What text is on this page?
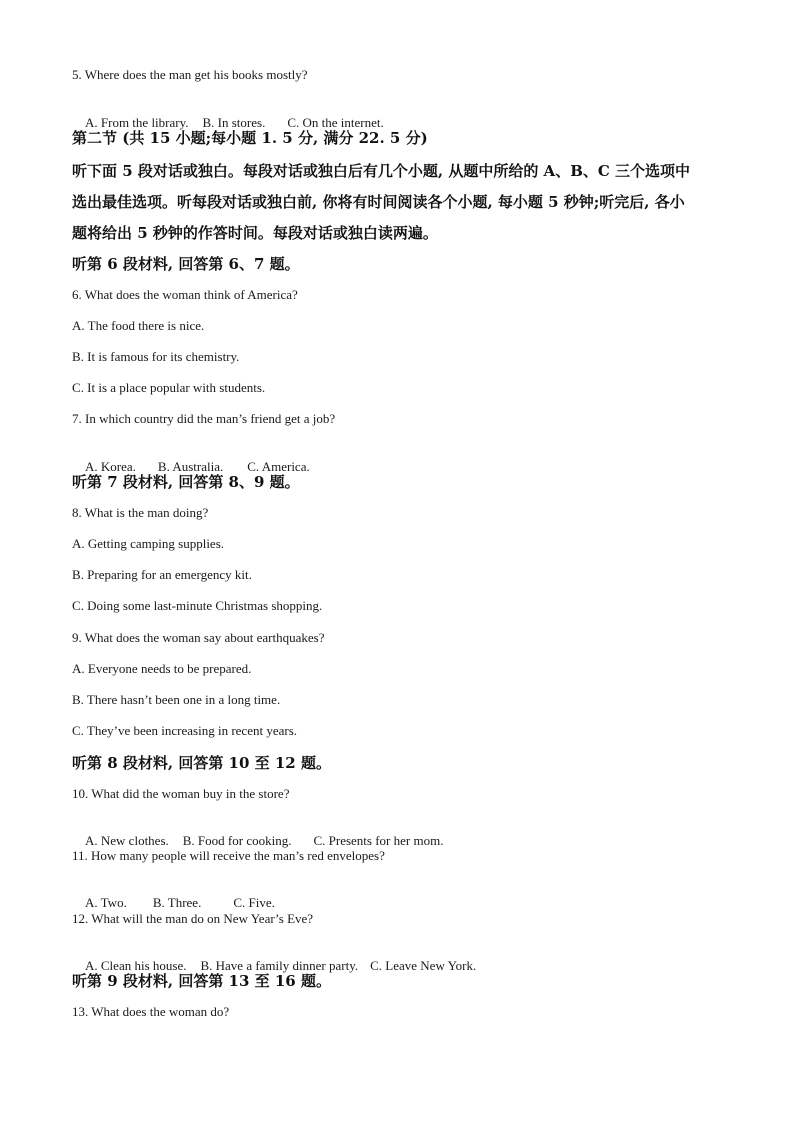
5. Where does the man get his books mostly?

A. From the library. B. In stores. C. On the internet.

第二节 (共 15 小题;每小题 1. 5 分, 满分 22. 5 分)
听下面 5 段对话或独白。每段对话或独白后有几个小题, 从题中所给的 A、B、C 三个选项中
选出最佳选项。听每段对话或独白前, 你将有时间阅读各个小题, 每小题 5 秒钟;听完后, 各小
题将给出 5 秒钟的作答时间。每段对话或独白读两遍。
听第 6 段材料, 回答第 6、7 题。
6. What does the woman think of America?
A. The food there is nice.
B. It is famous for its chemistry.
C. It is a place popular with students.
7. In which country did the man’s friend get a job?

A. Korea. B. Australia. C. America.

听第 7 段材料, 回答第 8、9 题。
8. What is the man doing?
A. Getting camping supplies.
B. Preparing for an emergency kit.
C. Doing some last-minute Christmas shopping.
9. What does the woman say about earthquakes?
A. Everyone needs to be prepared.
B. There hasn’t been one in a long time.
C. They’ve been increasing in recent years.
听第 8 段材料, 回答第 10 至 12 题。
10. What did the woman buy in the store?

A. New clothes. B. Food for cooking. C. Presents for her mom.

11. How many people will receive the man’s red envelopes?

A. Two. B. Three. C. Five.

12. What will the man do on New Year’s Eve?

A. Clean his house. B. Have a family dinner party. C. Leave New York.

听第 9 段材料, 回答第 13 至 16 题。
13. What does the woman do?
